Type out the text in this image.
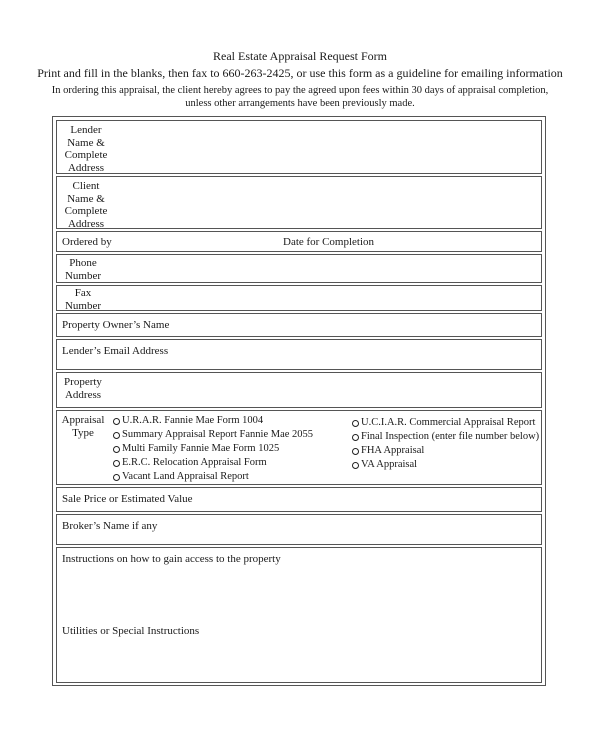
Real Estate Appraisal Request Form
Print and fill in the blanks, then fax to 660-263-2425, or use this form as a guideline for emailing information
In ordering this appraisal, the client hereby agrees to pay the agreed upon fees within 30 days of appraisal completion,
unless other arrangements have been previously made.
Lender
Name &
Complete
Address
Client
Name &
Complete
Address
Ordered by	Date for Completion
Phone
Number
Fax
Number
Property Owner’s Name
Lender’s Email Address
Property
Address
Appraisal
Type
U.R.A.R. Fannie Mae Form 1004
Summary Appraisal Report Fannie Mae 2055
Multi Family Fannie Mae Form 1025
E.R.C. Relocation Appraisal Form
Vacant Land Appraisal Report
U.C.I.A.R. Commercial Appraisal Report
Final Inspection (enter file number below)
FHA Appraisal
VA Appraisal
Sale Price or Estimated Value
Broker’s Name if any
Instructions on how to gain access to the property
Utilities or Special Instructions
